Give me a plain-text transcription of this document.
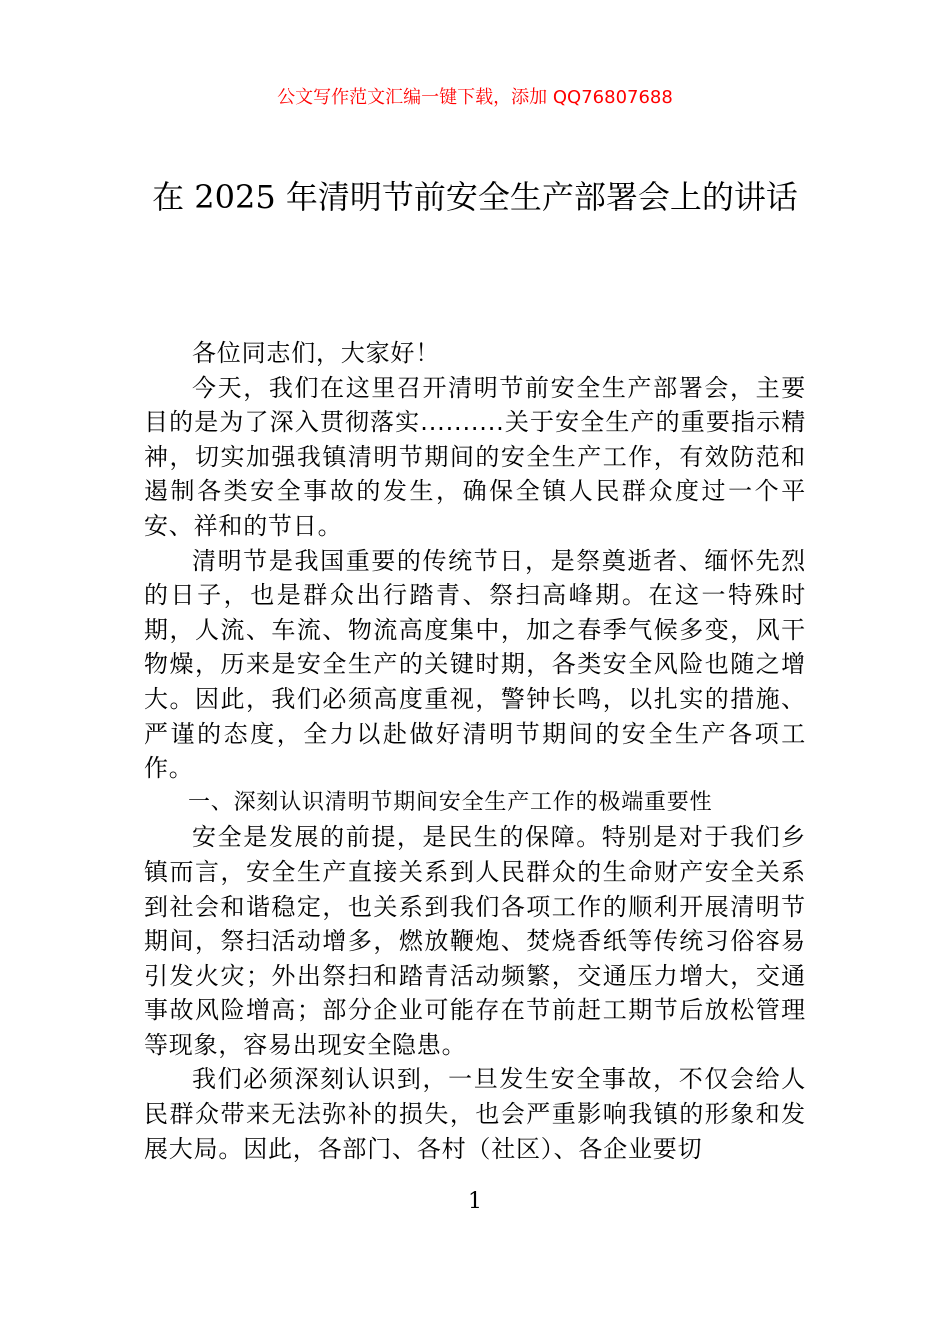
公文写作范文汇编一键下载，添加 QQ76807688
在 2025 年清明节前安全生产部署会上的讲话

各位同志们，大家好！

今天，我们在这里召开清明节前安全生产部署会，主要目的是为了深入贯彻落实..........关于安全生产的重要指示精神，切实加强我镇清明节期间的安全生产工作，有效防范和遏制各类安全事故的发生，确保全镇人民群众度过一个平安、祥和的节日。

清明节是我国重要的传统节日，是祭奠逝者、缅怀先烈的日子，也是群众出行踏青、祭扫高峰期。在这一特殊时期，人流、车流、物流高度集中，加之春季气候多变，风干物燥，历来是安全生产的关键时期，各类安全风险也随之增大。因此，我们必须高度重视，警钟长鸣，以扎实的措施、严谨的态度，全力以赴做好清明节期间的安全生产各项工作。

一、深刻认识清明节期间安全生产工作的极端重要性

安全是发展的前提，是民生的保障。特别是对于我们乡镇而言，安全生产直接关系到人民群众的生命财产安全关系到社会和谐稳定，也关系到我们各项工作的顺利开展清明节期间，祭扫活动增多，燃放鞭炮、焚烧香纸等传统习俗容易引发火灾；外出祭扫和踏青活动频繁，交通压力增大，交通事故风险增高；部分企业可能存在节前赶工期节后放松管理等现象，容易出现安全隐患。

我们必须深刻认识到，一旦发生安全事故，不仅会给人民群众带来无法弥补的损失，也会严重影响我镇的形象和发展大局。因此，各部门、各村（社区）、各企业要切

1
